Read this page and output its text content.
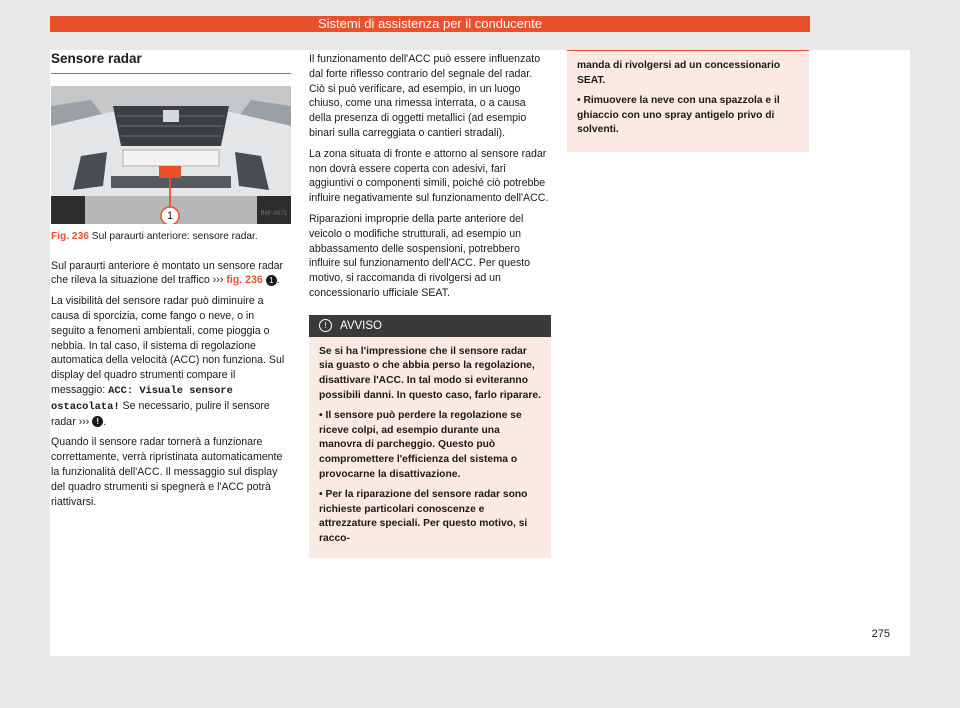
Sistemi di assistenza per il conducente
Sensore radar
1	B6F-0071
Fig. 236 Sul paraurti anteriore: sensore radar.

Sul paraurti anteriore è montato un sensore radar che rileva la situazione del traffico ››› fig. 236 1 .

La visibilità del sensore radar può diminuire a causa di sporcizia, come fango o neve, o in seguito a fenomeni ambientali, come pioggia o nebbia. In tal caso, il sistema di regolazione automatica della velocità (ACC) non funziona. Sul display del quadro strumenti compare il messaggio: ACC: Visuale sensore ostacolata! Se necessario, pulire il sensore radar ››› ! .

Quando il sensore radar tornerà a funzionare correttamente, verrà ripristinata automaticamente la funzionalità dell'ACC. Il messaggio sul display del quadro strumenti si spegnerà e l'ACC potrà riattivarsi.

Il funzionamento dell'ACC può essere influenzato dal forte riflesso contrario del segnale del radar. Ciò si può verificare, ad esempio, in un luogo chiuso, come una rimessa interrata, o a causa della presenza di oggetti metallici (ad esempio binari sulla carreggiata o cantieri stradali).

La zona situata di fronte e attorno al sensore radar non dovrà essere coperta con adesivi, fari aggiuntivi o componenti simili, poiché ciò potrebbe influire negativamente sul funzionamento dell'ACC.

Riparazioni improprie della parte anteriore del veicolo o modifiche strutturali, ad esempio un abbassamento delle sospensioni, potrebbero influire sul funzionamento dell'ACC. Per questo motivo, si raccomanda di rivolgersi ad un concessionario ufficiale SEAT.

! AVVISO

Se si ha l'impressione che il sensore radar sia guasto o che abbia perso la regolazione, disattivare l'ACC. In tal modo si eviteranno possibili danni. In questo caso, farlo riparare.

• Il sensore può perdere la regolazione se riceve colpi, ad esempio durante una manovra di parcheggio. Questo può compromettere l'efficienza del sistema o provocarne la disattivazione.

• Per la riparazione del sensore radar sono richieste particolari conoscenze e attrezzature speciali. Per questo motivo, si racco-

manda di rivolgersi ad un concessionario SEAT.

• Rimuovere la neve con una spazzola e il ghiaccio con uno spray antigelo privo di solventi.

275
